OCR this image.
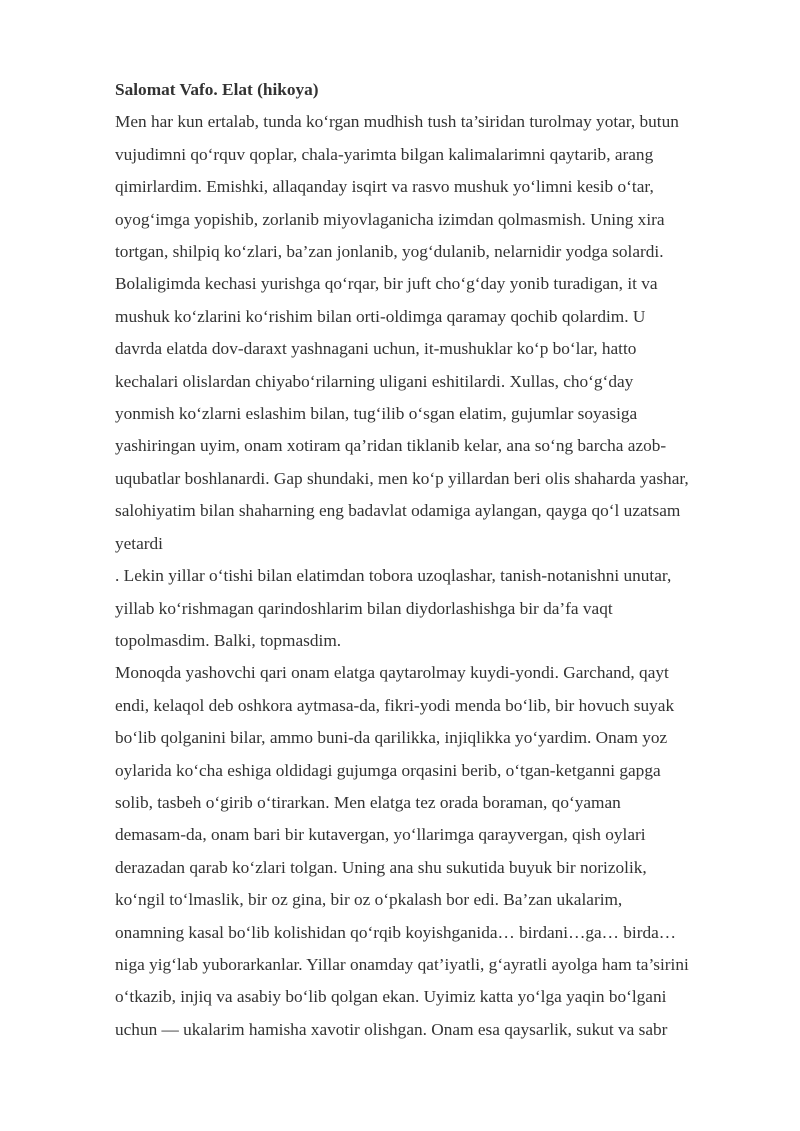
Salomat Vafo. Elat (hikoya)

Men har kun ertalab, tunda ko‘rgan mudhish tush ta’siridan turolmay yotar, butun

vujudimni qo‘rquv qoplar, chala-yarimta bilgan kalimalarimni qaytarib, arang

qimirlardim. Emishki, allaqanday isqirt va rasvo mushuk yo‘limni kesib o‘tar,

oyog‘imga yopishib, zorlanib miyovlaganicha izimdan qolmasmish. Uning xira

tortgan, shilpiq ko‘zlari, ba’zan jonlanib, yog‘dulanib, nelarnidir yodga solardi.

Bolaligimda kechasi yurishga qo‘rqar, bir juft cho‘g‘day yonib turadigan, it va

mushuk ko‘zlarini ko‘rishim bilan orti-oldimga qaramay qochib qolardim. U

davrda elatda dov-daraxt yashnagani uchun, it-mushuklar ko‘p bo‘lar, hatto

kechalari olislardan chiyabo‘rilarning uligani eshitilardi. Xullas, cho‘g‘day

yonmish ko‘zlarni eslashim bilan, tug‘ilib o‘sgan elatim, gujumlar soyasiga

yashiringan uyim, onam xotiram qa’ridan tiklanib kelar, ana so‘ng barcha azob-

uqubatlar boshlanardi. Gap shundaki, men ko‘p yillardan beri olis shaharda yashar,

salohiyatim bilan shaharning eng badavlat odamiga aylangan, qayga qo‘l uzatsam

yetardi

. Lekin yillar o‘tishi bilan elatimdan tobora uzoqlashar, tanish-notanishni unutar,

yillab ko‘rishmagan qarindoshlarim bilan diydorlashishga bir da’fa vaqt

topolmasdim. Balki, topmasdim.

Monoqda yashovchi qari onam elatga qaytarolmay kuydi-yondi. Garchand, qayt

endi, kelaqol deb oshkora aytmasa-da, fikri-yodi menda bo‘lib, bir hovuch suyak

bo‘lib qolganini bilar, ammo buni-da qarilikka, injiqlikka yo‘yardim. Onam yoz

oylarida ko‘cha eshiga oldidagi gujumga orqasini berib, o‘tgan-ketganni gapga

solib, tasbeh o‘girib o‘tirarkan. Men elatga tez orada boraman, qo‘yaman

demasam-da, onam bari bir kutavergan, yo‘llarimga qarayvergan, qish oylari

derazadan qarab ko‘zlari tolgan. Uning ana shu sukutida buyuk bir norizolik,

ko‘ngil to‘lmaslik, bir oz gina, bir oz o‘pkalash bor edi. Ba’zan ukalarim,

onamning kasal bo‘lib kolishidan qo‘rqib koyishganida… birdani…ga… birda…

niga yig‘lab yuborarkanlar. Yillar onamday qat’iyatli, g‘ayratli ayolga ham ta’sirini

o‘tkazib, injiq va asabiy bo‘lib qolgan ekan. Uyimiz katta yo‘lga yaqin bo‘lgani

uchun — ukalarim hamisha xavotir olishgan. Onam esa qaysarlik, sukut va sabr
